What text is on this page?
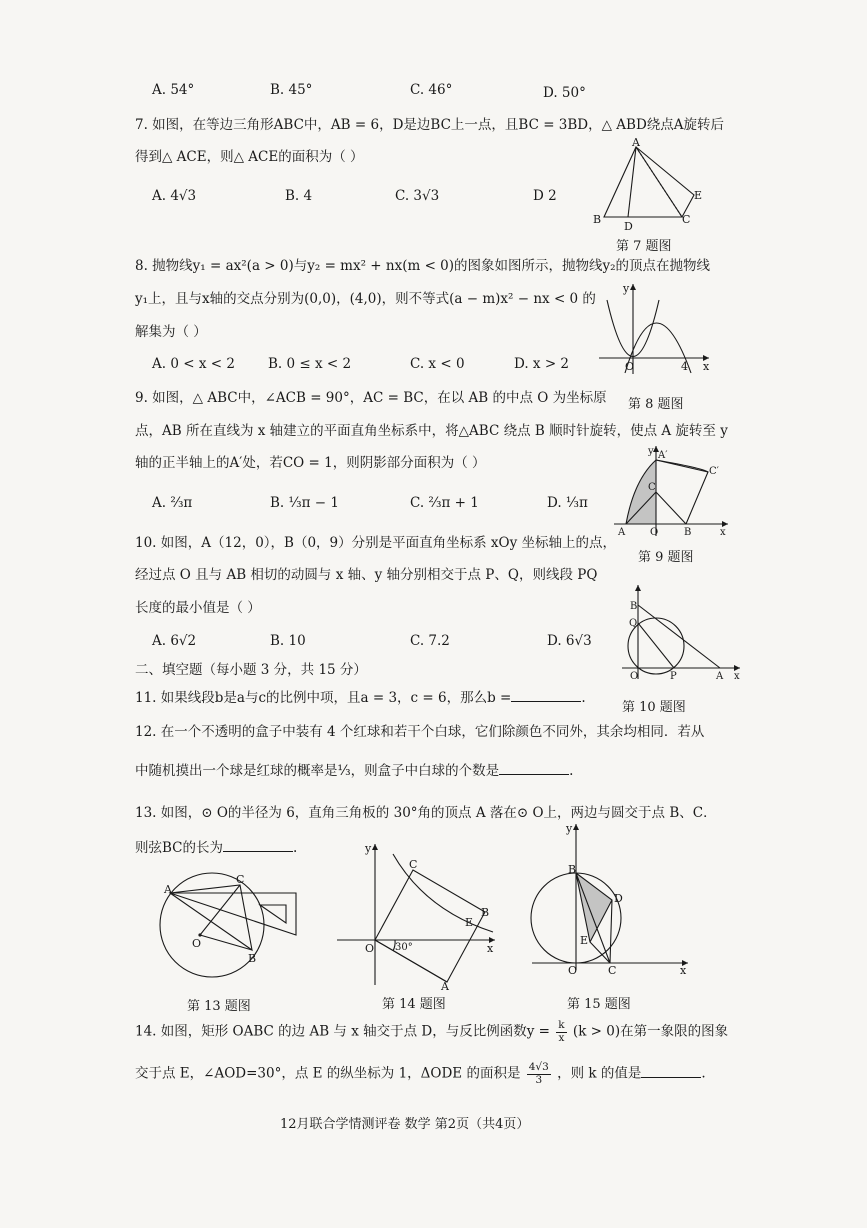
A. 54°	B. 45°	C. 46°	D. 50°
7. 如图，在等边三角形ABC中，AB = 6，D是边BC上一点，且BC = 3BD，△ ABD绕点A旋转后
得到△ ACE，则△ ACE的面积为（ ）
A. 4√3	B. 4	C. 3√3	D 2
A
B
D
C
E
第 7 题图
8. 抛物线y₁ = ax²(a > 0)与y₂ = mx² + nx(m < 0)的图象如图所示，抛物线y₂的顶点在抛物线
y₁上，且与x轴的交点分别为(0,0)，(4,0)，则不等式(a − m)x² − nx < 0 的
解集为（ ）
A. 0 < x < 2 B. 0 ≤ x < 2	C. x < 0	D. x > 2
y
O	4 x
第 8 题图
9. 如图，△ ABC中，∠ACB = 90°，AC = BC，在以 AB 的中点 O 为坐标原
点，AB 所在直线为 x 轴建立的平面直角坐标系中，将△ABC 绕点 B 顺时针旋转，使点 A 旋转至 y
轴的正半轴上的A′处，若CO = 1，则阴影部分面积为（ ）
A. ⅔π	B. ⅓π − 1	C. ⅔π + 1	D. ⅓π
y A′
C′
C
A O	B	x
第 9 题图
10. 如图，A（12，0），B（0，9）分别是平面直角坐标系 xOy 坐标轴上的点，
经过点 O 且与 AB 相切的动圆与 x 轴、y 轴分别相交于点 P、Q，则线段 PQ
长度的最小值是（ ）
A. 6√2	B. 10	C. 7.2	D. 6√3
B
Q
O	P	A x
第 10 题图
二、填空题（每小题 3 分，共 15 分）
11. 如果线段b是a与c的比例中项，且a = 3，c = 6，那么b =	.
12. 在一个不透明的盒子中装有 4 个红球和若干个白球，它们除颜色不同外，其余均相同．若从
中随机摸出一个球是红球的概率是⅓，则盒子中白球的个数是	.
13. 如图，⊙ O的半径为 6，直角三角板的 30°角的顶点 A 落在⊙ O上，两边与圆交于点 B、C．
则弦BC的长为	.
A
C
O
B
第 13 题图
y
C
E
B
O 30°	x
A
第 14 题图
y
B
D
E
O	C	x
第 15 题图
14. 如图，矩形 OABC 的边 AB 与 x 轴交于点 D，与反比例函数$y = \frac{k}{x} (k > 0)$在第一象限的图象
交于点 E，∠AOD=30°，点 E 的纵坐标为 1，ΔODE 的面积是 $\frac{4√3}{3}$ ，则 k 的值是	.
12月联合学情测评卷 数学 第2页（共4页）
